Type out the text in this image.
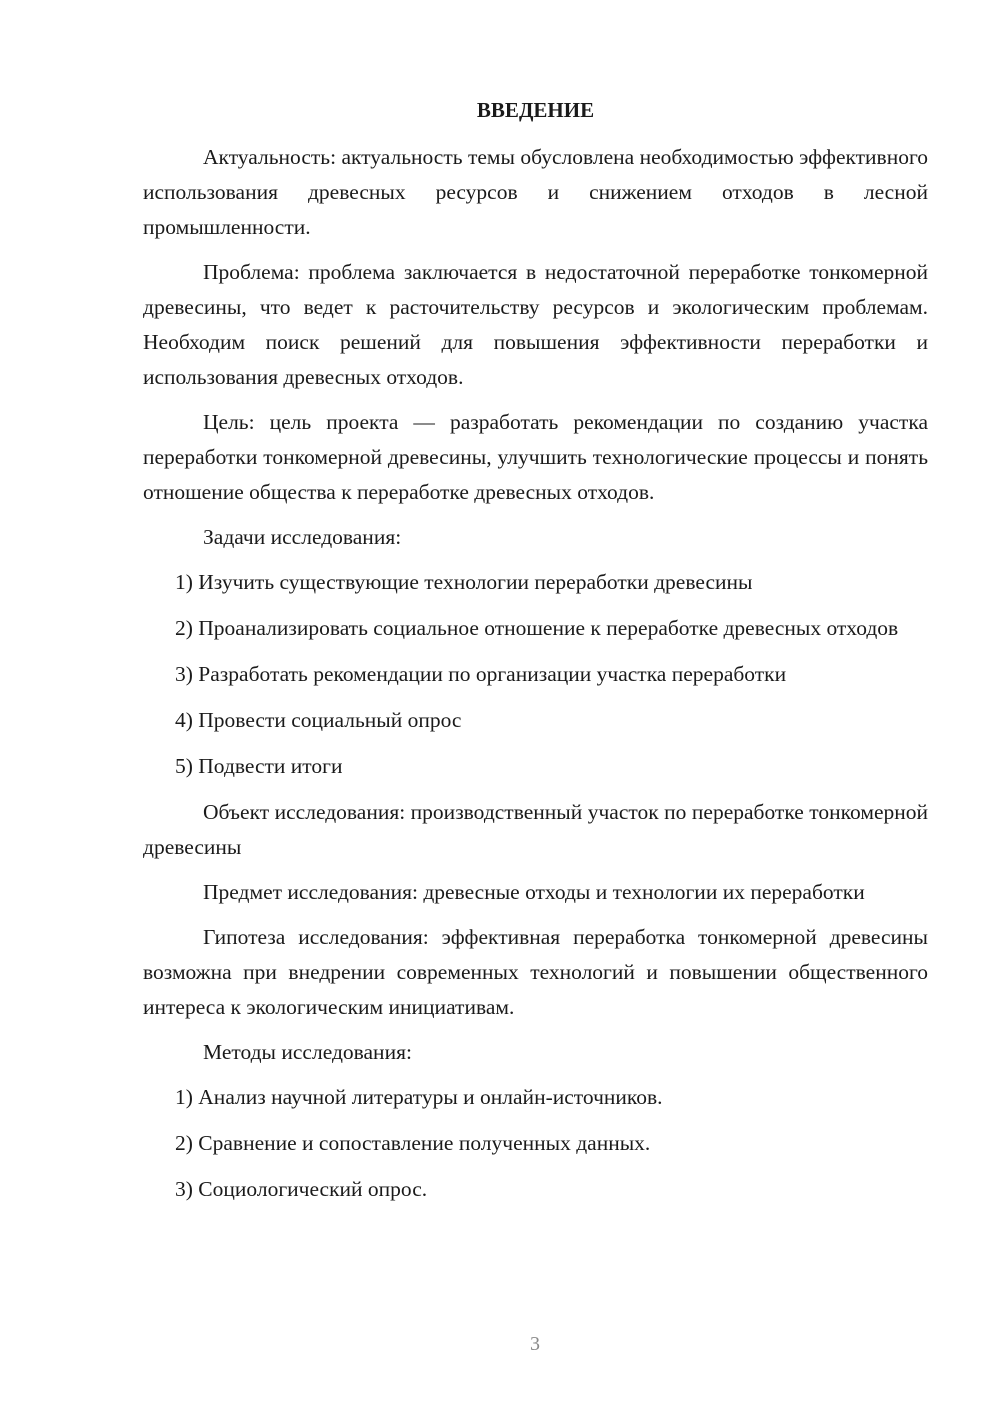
ВВЕДЕНИЕ

Актуальность: актуальность темы обусловлена необходимостью эффективного использования древесных ресурсов и снижением отходов в лесной промышленности.

Проблема: проблема заключается в недостаточной переработке тонкомерной древесины, что ведет к расточительству ресурсов и экологическим проблемам. Необходим поиск решений для повышения эффективности переработки и использования древесных отходов.

Цель: цель проекта — разработать рекомендации по созданию участка переработки тонкомерной древесины, улучшить технологические процессы и понять отношение общества к переработке древесных отходов.

Задачи исследования:

1) Изучить существующие технологии переработки древесины

2) Проанализировать социальное отношение к переработке древесных отходов

3) Разработать рекомендации по организации участка переработки

4) Провести социальный опрос

5) Подвести итоги

Объект исследования: производственный участок по переработке тонкомерной древесины

Предмет исследования: древесные отходы и технологии их переработки

Гипотеза исследования: эффективная переработка тонкомерной древесины возможна при внедрении современных технологий и повышении общественного интереса к экологическим инициативам.

Методы исследования:

1) Анализ научной литературы и онлайн-источников.

2) Сравнение и сопоставление полученных данных.

3) Социологический опрос.

3
